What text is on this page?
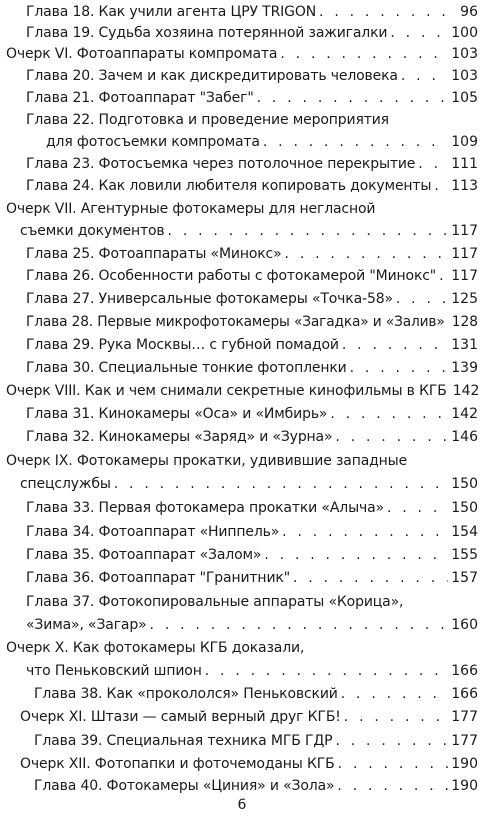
Глава 18. Как учили агента ЦРУ TRIGON . . .	96
Глава 19. Судьба хозяина потерянной зажигалки . . .	100
Очерк VI. Фотоаппараты компромата . . .	103
Глава 20. Зачем и как дискредитировать человека . . .	103
Глава 21. Фотоаппарат "Забег" . . .	105
Глава 22. Подготовка и проведение мероприятия
для фотосъемки компромата . . .	109
Глава 23. Фотосъемка через потолочное перекрытие . . .	111
Глава 24. Как ловили любителя копировать документы . . . 113
Очерк VII. Агентурные фотокамеры для негласной
съемки документов . . .	117
Глава 25. Фотоаппараты «Минокс» . . .	117
Глава 26. Особенности работы с фотокамерой "Минокс" . . . 117
Глава 27. Универсальные фотокамеры «Точка-58» . . .	125
Глава 28. Первые микрофотокамеры «Загадка» и «Залив» . . . 128
Глава 29. Рука Москвы… с губной помадой . . .	131
Глава 30. Специальные тонкие фотопленки . . .	139
Очерк VIII. Как и чем снимали секретные кинофильмы в КГБ 142
Глава 31. Кинокамеры «Оса» и «Имбирь» . . .	142
Глава 32. Кинокамеры «Заряд» и «Зурна» . . .	146
Очерк IX. Фотокамеры прокатки, удивившие западные
спецслужбы . . .	150
Глава 33. Первая фотокамера прокатки «Алыча» . . .	150
Глава 34. Фотоаппарат «Ниппель» . . .	154
Глава 35. Фотоаппарат «Залом» . . .	155
Глава 36. Фотоаппарат "Гранитник" . . .	157
Глава 37. Фотокопировальные аппараты «Корица»,
«Зима», «Загар» . . .	160
Очерк X. Как фотокамеры КГБ доказали,
что Пеньковский шпион . . .	166
Глава 38. Как «прокололся» Пеньковский . . .	166
Очерк XI. Штази — самый верный друг КГБ! . . .	177
Глава 39. Специальная техника МГБ ГДР . . .	177
Очерк XII. Фотопапки и фоточемоданы КГБ . . .	190
Глава 40. Фотокамеры «Циния» и «Зола» . . .	190
6
